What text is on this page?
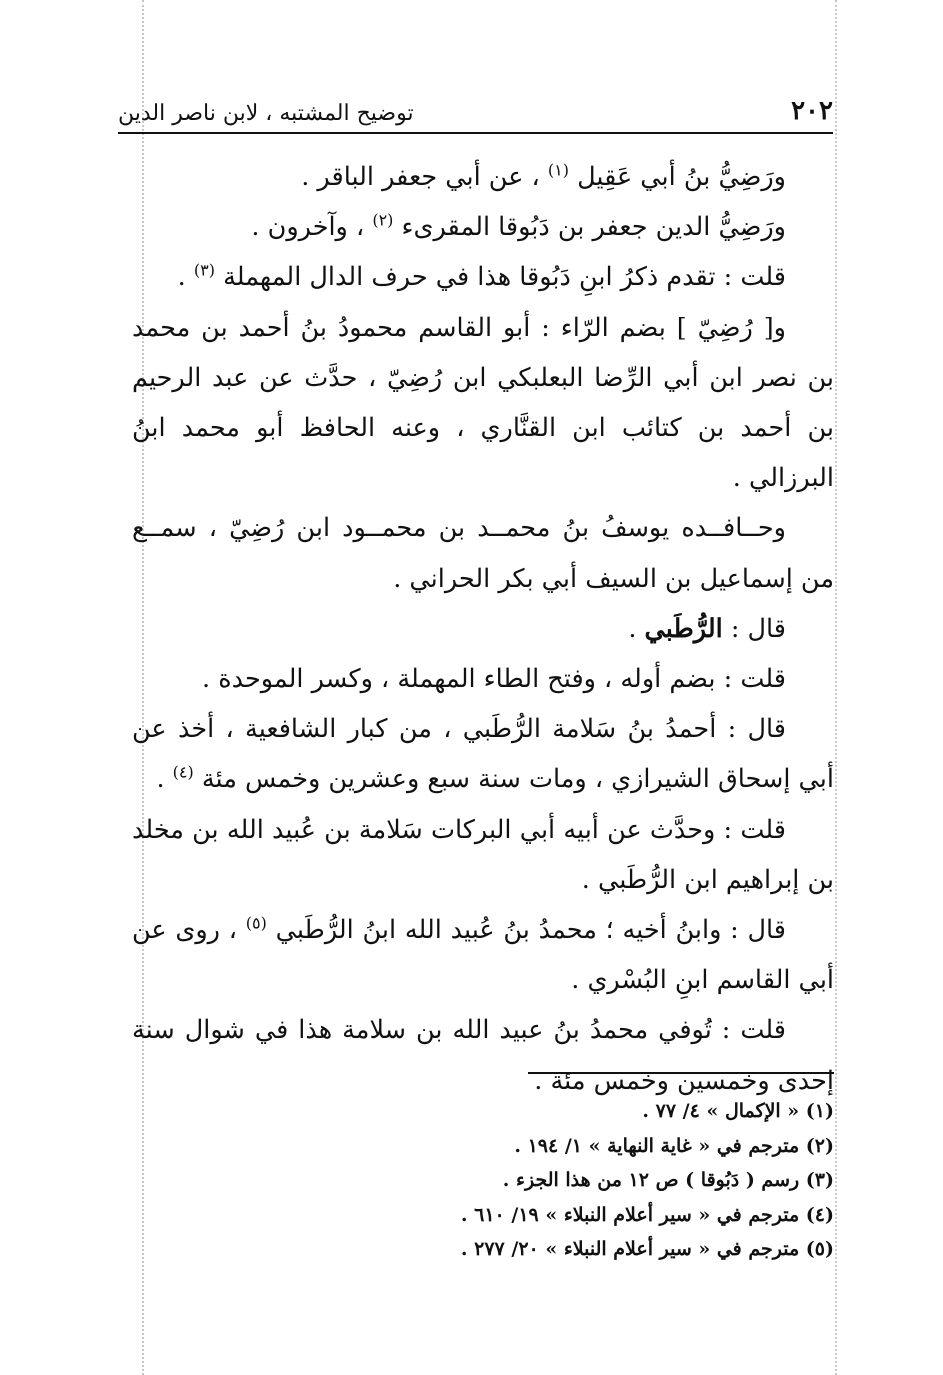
٢٠٢
توضيح المشتبه ، لابن ناصر الدين

ورَضِيُّ بنُ أبي عَقِيل $^{(١)}$ ، عن أبي جعفر الباقر .

ورَضِيُّ الدين جعفر بن دَبُوقا المقرىء $^{(٢)}$ ، وآخرون .

قلت : تقدم ذكرُ ابنِ دَبُوقا هذا في حرف الدال المهملة $^{(٣)}$ .

و[ رُضِيّ ] بضم الرّاء : أبو القاسم محمودُ بنُ أحمد بن محمد بن نصر ابن أبي الرِّضا البعلبكي ابن رُضِيّ ، حدَّث عن عبد الرحيم بن أحمد بن كتائب ابن القنَّاري ، وعنه الحافظ أبو محمد ابنُ البرزالي .

وحــافــده يوسفُ بنُ محمــد بن محمــود ابن رُضِيّ ، سمــع من إسماعيل بن السيف أبي بكر الحراني .

قال : الرُّطَبي .

قلت : بضم أوله ، وفتح الطاء المهملة ، وكسر الموحدة .

قال : أحمدُ بنُ سَلامة الرُّطَبي ، من كبار الشافعية ، أخذ عن أبي إسحاق الشيرازي ، ومات سنة سبع وعشرين وخمس مئة $^{(٤)}$ .

قلت : وحدَّث عن أبيه أبي البركات سَلامة بن عُبيد الله بن مخلد بن إبراهيم ابن الرُّطَبي .

قال : وابنُ أخيه ؛ محمدُ بنُ عُبيد الله ابنُ الرُّطَبي $^{(٥)}$ ، روى عن أبي القاسم ابنِ البُسْري .

قلت : تُوفي محمدُ بنُ عبيد الله بن سلامة هذا في شوال سنة إحدى وخمسين وخمس مئة .

(١) « الإكمال » ٤/ ٧٧ .

(٢) مترجم في « غاية النهاية » ١/ ١٩٤ .

(٣) رسم ( دَبُوقا ) ص ١٢ من هذا الجزء .

(٤) مترجم في « سير أعلام النبلاء » ١٩/ ٦١٠ .

(٥) مترجم في « سير أعلام النبلاء » ٢٠/ ٢٧٧ .
